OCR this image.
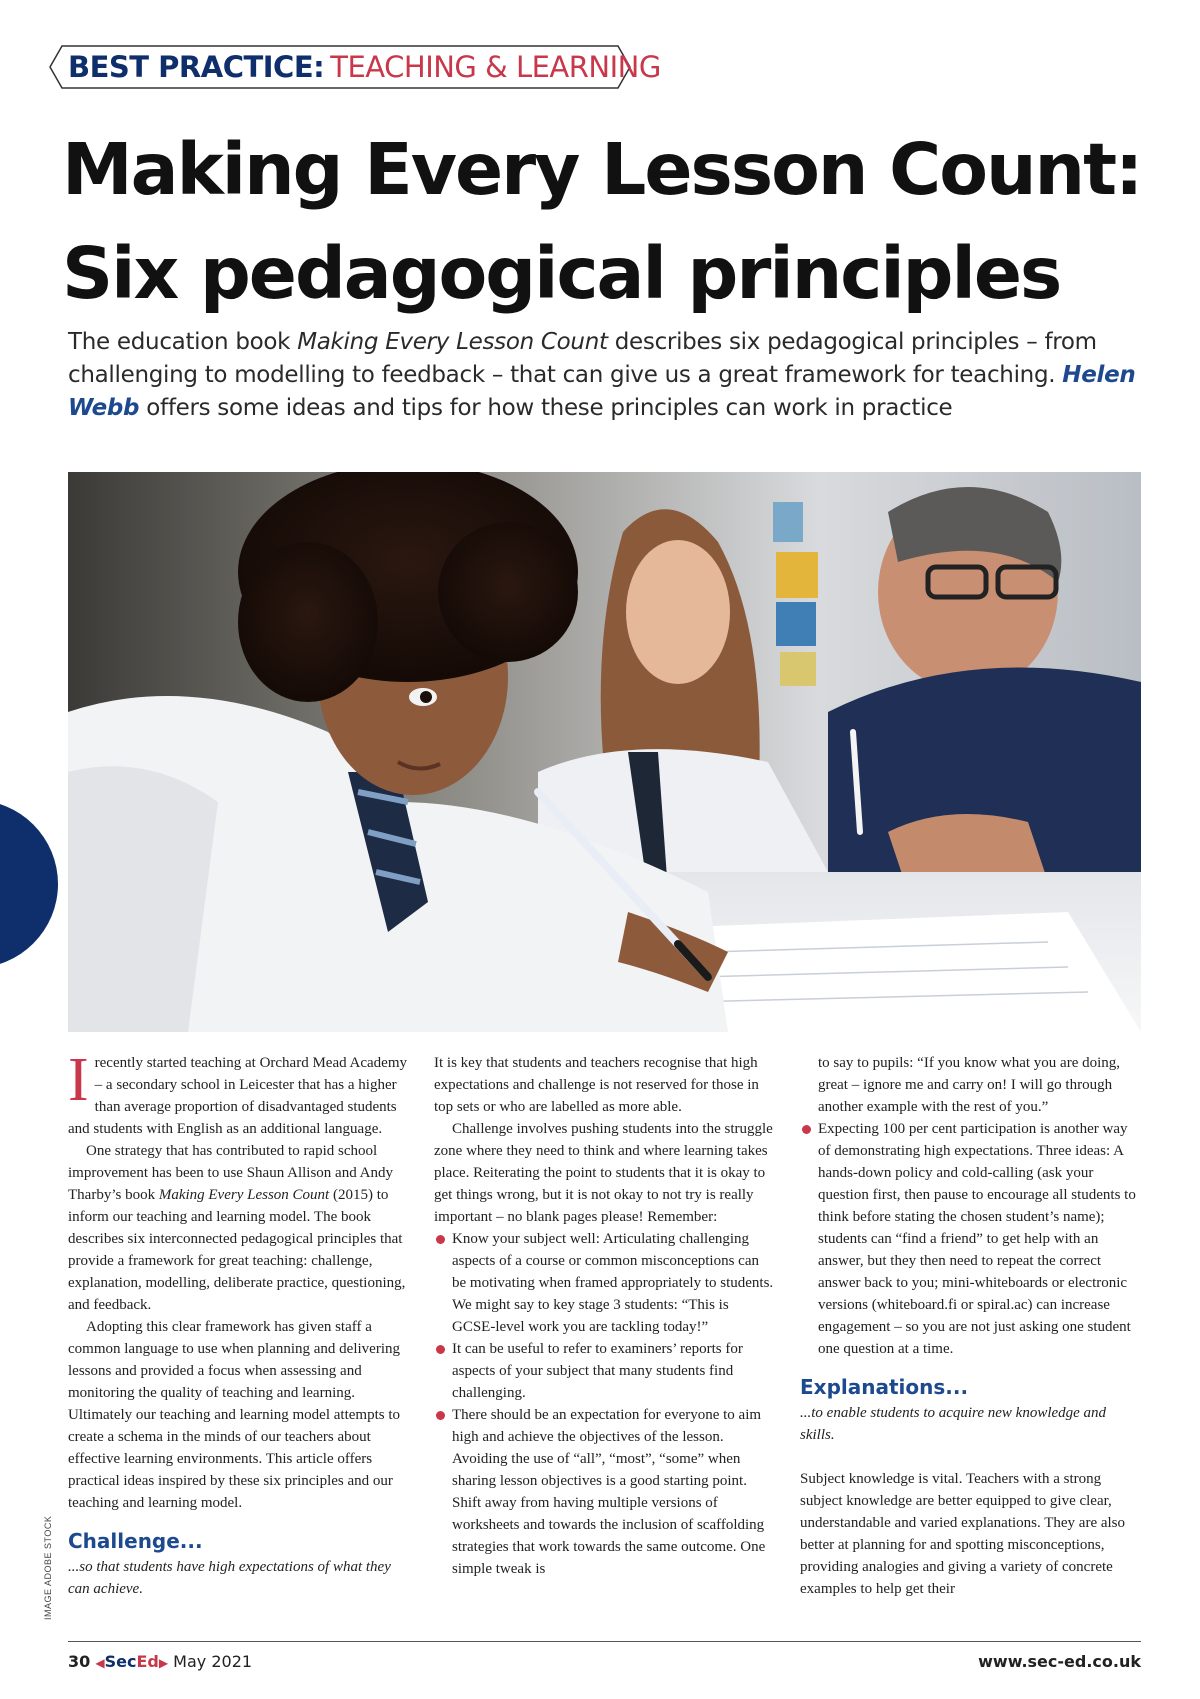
BEST PRACTICE: TEACHING & LEARNING
Making Every Lesson Count:
Six pedagogical principles

The education book Making Every Lesson Count describes six pedagogical principles – from challenging to modelling to feedback – that can give us a great framework for teaching. Helen Webb offers some ideas and tips for how these principles can work in practice

IMAGE ADOBE STOCK

Irecently started teaching at Orchard Mead Academy – a secondary school in Leicester that has a higher than average proportion of disadvantaged students and students with English as an additional language.

One strategy that has contributed to rapid school improvement has been to use Shaun Allison and Andy Tharby’s book Making Every Lesson Count (2015) to inform our teaching and learning model. The book describes six interconnected pedagogical principles that provide a framework for great teaching: challenge, explanation, modelling, deliberate practice, questioning, and feedback.

Adopting this clear framework has given staff a common language to use when planning and delivering lessons and provided a focus when assessing and monitoring the quality of teaching and learning. Ultimately our teaching and learning model attempts to create a schema in the minds of our teachers about effective learning environments. This article offers practical ideas inspired by these six principles and our teaching and learning model.

Challenge...

...so that students have high expectations of what they can achieve.

It is key that students and teachers recognise that high expectations and challenge is not reserved for those in top sets or who are labelled as more able.

Challenge involves pushing students into the struggle zone where they need to think and where learning takes place. Reiterating the point to students that it is okay to get things wrong, but it is not okay to not try is really important – no blank pages please! Remember:

Know your subject well: Articulating challenging aspects of a course or common misconceptions can be motivating when framed appropriately to students. We might say to key stage 3 students: “This is GCSE-level work you are tackling today!”
It can be useful to refer to examiners’ reports for aspects of your subject that many students find challenging.
There should be an expectation for everyone to aim high and achieve the objectives of the lesson. Avoiding the use of “all”, “most”, “some” when sharing lesson objectives is a good starting point. Shift away from having multiple versions of worksheets and towards the inclusion of scaffolding strategies that work towards the same outcome. One simple tweak is

to say to pupils: “If you know what you are doing, great – ignore me and carry on! I will go through another example with the rest of you.”

Expecting 100 per cent participation is another way of demonstrating high expectations. Three ideas: A hands-down policy and cold-calling (ask your question first, then pause to encourage all students to think before stating the chosen student’s name); students can “find a friend” to get help with an answer, but they then need to repeat the correct answer back to you; mini-whiteboards or electronic versions (whiteboard.fi or spiral.ac) can increase engagement – so you are not just asking one student one question at a time.
Explanations...

...to enable students to acquire new knowledge and skills.

Subject knowledge is vital. Teachers with a strong subject knowledge are better equipped to give clear, understandable and varied explanations. They are also better at planning for and spotting misconceptions, providing analogies and giving a variety of concrete examples to help get their

30 ◀SecEd▶ May 2021	www.sec-ed.co.uk
